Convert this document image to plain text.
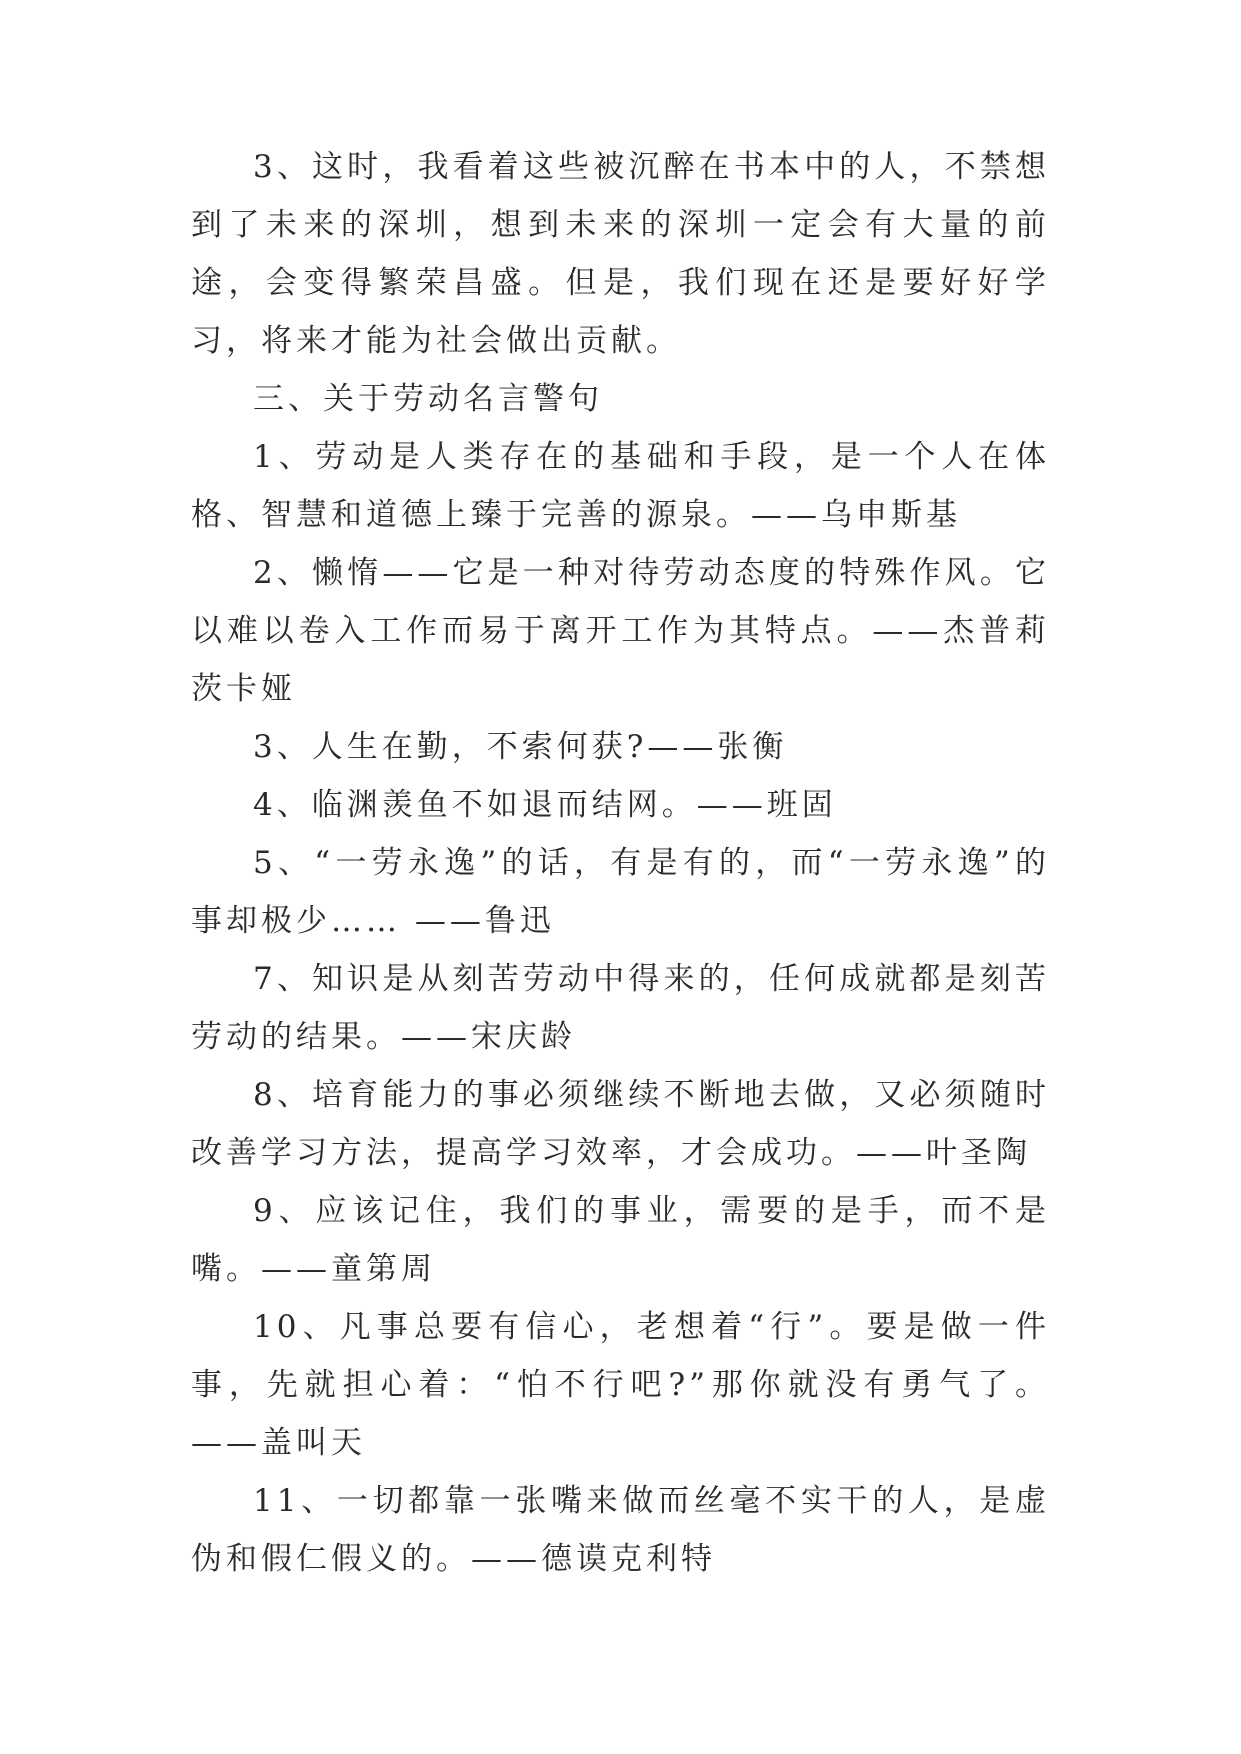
3、这时，我看着这些被沉醉在书本中的人，不禁想到了未来的深圳，想到未来的深圳一定会有大量的前途，会变得繁荣昌盛。但是，我们现在还是要好好学习，将来才能为社会做出贡献。

三、关于劳动名言警句

1、劳动是人类存在的基础和手段，是一个人在体格、智慧和道德上臻于完善的源泉。——乌申斯基

2、懒惰——它是一种对待劳动态度的特殊作风。它以难以卷入工作而易于离开工作为其特点。——杰普莉茨卡娅

3、人生在勤，不索何获?——张衡

4、临渊羡鱼不如退而结网。——班固

5、“一劳永逸”的话，有是有的，而“一劳永逸”的事却极少…… ——鲁迅

7、知识是从刻苦劳动中得来的，任何成就都是刻苦劳动的结果。——宋庆龄

8、培育能力的事必须继续不断地去做，又必须随时改善学习方法，提高学习效率，才会成功。——叶圣陶

9、应该记住，我们的事业，需要的是手，而不是嘴。——童第周

10、凡事总要有信心，老想着“行”。要是做一件事，先就担心着：“怕不行吧?”那你就没有勇气了。——盖叫天

11、一切都靠一张嘴来做而丝毫不实干的人，是虚伪和假仁假义的。——德谟克利特
